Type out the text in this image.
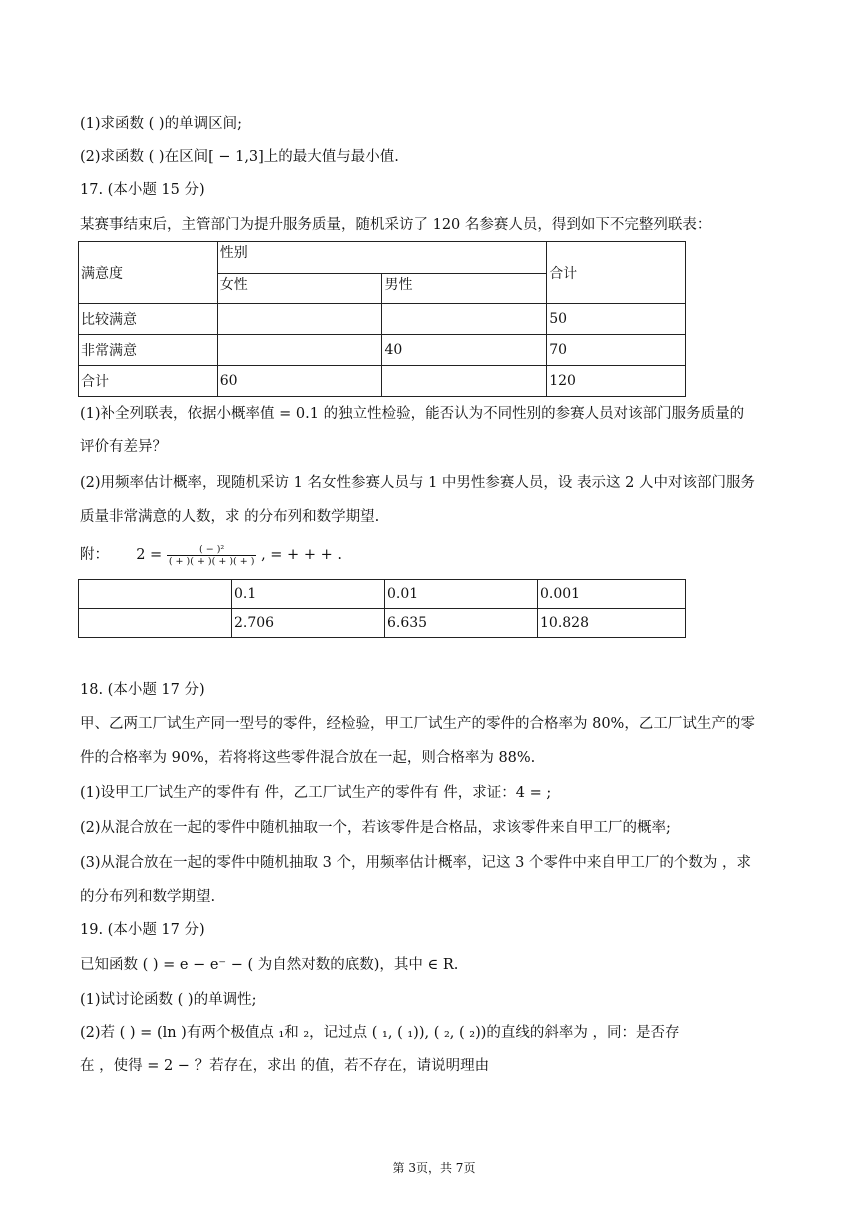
(1)求函数 ( )的单调区间;
(2)求函数 ( )在区间[ − 1,3]上的最大值与最小值.
17. (本小题 15 分)
某赛事结束后，主管部门为提升服务质量，随机采访了 120 名参赛人员，得到如下不完整列联表：
满意度	性别		合计
	女性	男性	
比较满意			50
非常满意		40	70
合计	60		120
(1)补全列联表，依据小概率值 = 0.1 的独立性检验，能否认为不同性别的参赛人员对该部门服务质量的
评价有差异？
(2)用频率估计概率，现随机采访 1 名女性参赛人员与 1 中男性参赛人员，设 表示这 2 人中对该部门服务
质量非常满意的人数，求 的分布列和数学期望.
附： $2 = \frac{\text{( − )²}}{( + )( + )( + )( + )}$ , = + + + .
	0.1	0.01	0.001
	2.706	6.635	10.828
18. (本小题 17 分)
甲、乙两工厂试生产同一型号的零件，经检验，甲工厂试生产的零件的合格率为 80%，乙工厂试生产的零
件的合格率为 90%，若将将这些零件混合放在一起，则合格率为 88%.
(1)设甲工厂试生产的零件有 件，乙工厂试生产的零件有 件，求证：4 = ;
(2)从混合放在一起的零件中随机抽取一个，若该零件是合格品，求该零件来自甲工厂的概率;
(3)从混合放在一起的零件中随机抽取 3 个，用频率估计概率，记这 3 个零件中来自甲工厂的个数为 ，求
的分布列和数学期望.
19. (本小题 17 分)
已知函数 ( ) = e − e⁻ − ( 为自然对数的底数)，其中 ∈ R.
(1)试讨论函数 ( )的单调性;
(2)若 ( ) = (ln )有两个极值点 ₁和 ₂，记过点 ( ₁, ( ₁)), ( ₂, ( ₂))的直线的斜率为 ，同：是否存
在 ，使得 = 2 − ？若存在，求出 的值，若不存在，请说明理由
第 3页，共 7页
